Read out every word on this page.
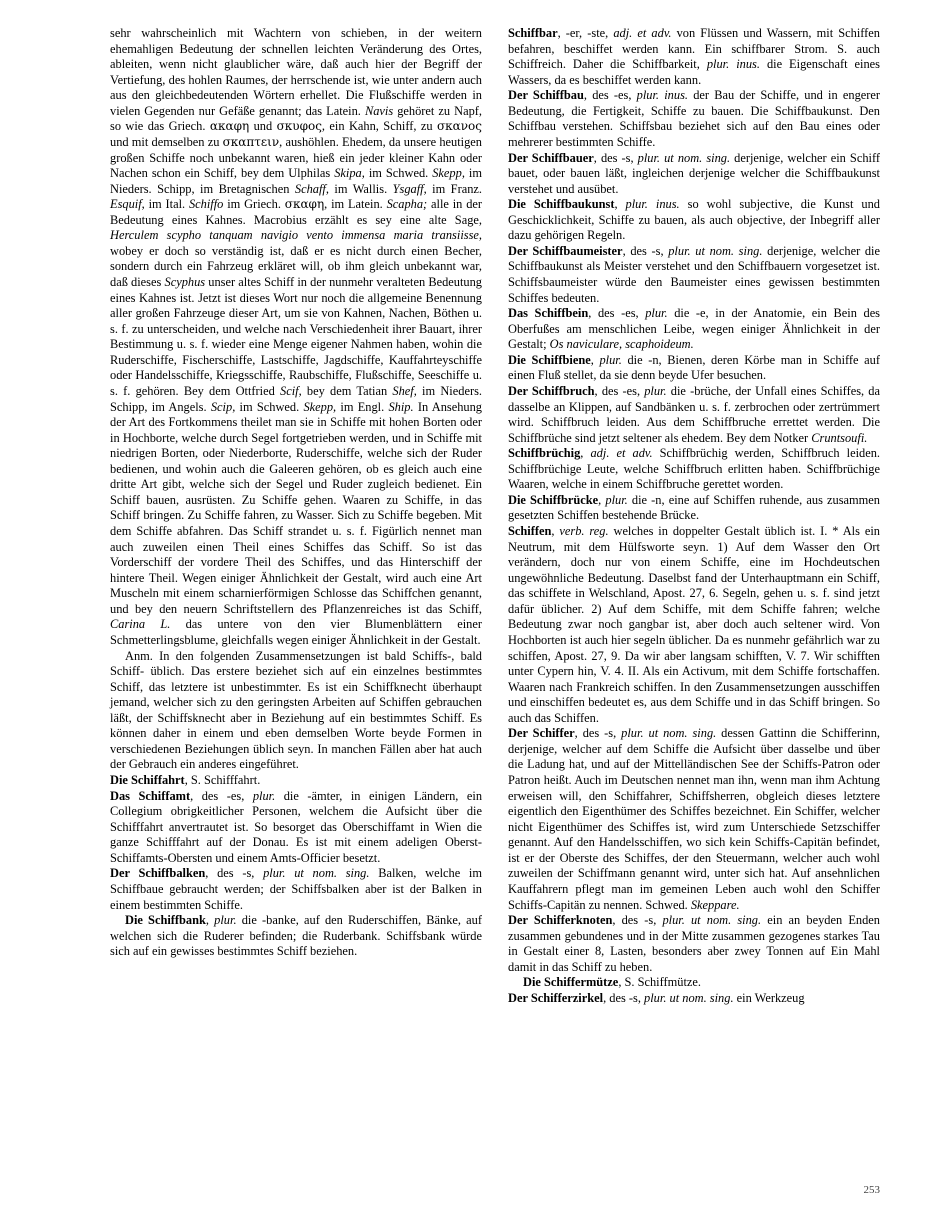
sehr wahrscheinlich mit Wachtern von schieben, in der weitern ehemahligen Bedeutung der schnellen leichten Veränderung des Ortes, ableiten, wenn nicht glaublicher wäre, daß auch hier der Begriff der Vertiefung, des hohlen Raumes, der herrschende ist, wie unter andern auch aus den gleichbedeutenden Wörtern erhellet. Die Flußschiffe werden in vielen Gegenden nur Gefäße genannt; das Latein. Navis gehöret zu Napf, so wie das Griech. ακαφη und σκυφος, ein Kahn, Schiff, zu σκανος und mit demselben zu σκαπτειν, aushöhlen. Ehedem, da unsere heutigen großen Schiffe noch unbekannt waren, hieß ein jeder kleiner Kahn oder Nachen schon ein Schiff, bey dem Ulphilas Skipa, im Schwed. Skepp, im Nieders. Schipp, im Bretagnischen Schaff, im Wallis. Ysgaff, im Franz. Esquif, im Ital. Schiffo im Griech. σκαφη, im Latein. Scapha; alle in der Bedeutung eines Kahnes. Macrobius erzählt es sey eine alte Sage, Herculem scypho tanquam navigio vento immensa maria transiisse, wobey er doch so verständig ist, daß er es nicht durch einen Becher, sondern durch ein Fahrzeug erkläret will, ob ihm gleich unbekannt war, daß dieses Scyphus unser altes Schiff in der nunmehr veralteten Bedeutung eines Kahnes ist. Jetzt ist dieses Wort nur noch die allgemeine Benennung aller großen Fahrzeuge dieser Art, um sie von Kahnen, Nachen, Böthen u. s. f. zu unterscheiden, und welche nach Verschiedenheit ihrer Bauart, ihrer Bestimmung u. s. f. wieder eine Menge eigener Nahmen haben, wohin die Ruderschiffe, Fischerschiffe, Lastschiffe, Jagdschiffe, Kauffahrteyschiffe oder Handelsschiffe, Kriegsschiffe, Raubschiffe, Flußschiffe, Seeschiffe u. s. f. gehören. Bey dem Ottfried Scif, bey dem Tatian Shef, im Nieders. Schipp, im Angels. Scip, im Schwed. Skepp, im Engl. Ship. In Ansehung der Art des Fortkommens theilet man sie in Schiffe mit hohen Borten oder in Hochborte, welche durch Segel fortgetrieben werden, und in Schiffe mit niedrigen Borten, oder Niederborte, Ruderschiffe, welche sich der Ruder bedienen, und wohin auch die Galeeren gehören, ob es gleich auch eine dritte Art gibt, welche sich der Segel und Ruder zugleich bedienet. Ein Schiff bauen, ausrüsten. Zu Schiffe gehen. Waaren zu Schiffe, in das Schiff bringen. Zu Schiffe fahren, zu Wasser. Sich zu Schiffe begeben. Mit dem Schiffe abfahren. Das Schiff strandet u. s. f. Figürlich nennet man auch zuweilen einen Theil eines Schiffes das Schiff. So ist das Vorderschiff der vordere Theil des Schiffes, und das Hinterschiff der hintere Theil. Wegen einiger Ähnlichkeit der Gestalt, wird auch eine Art Muscheln mit einem scharnierförmigen Schlosse das Schiffchen genannt, und bey den neuern Schriftstellern des Pflanzenreiches ist das Schiff, Carina L. das untere von den vier Blumenblättern einer Schmetterlingsblume, gleichfalls wegen einiger Ähnlichkeit in der Gestalt.

Anm. In den folgenden Zusammensetzungen ist bald Schiffs-, bald Schiff- üblich. Das erstere beziehet sich auf ein einzelnes bestimmtes Schiff, das letztere ist unbestimmter. Es ist ein Schiffknecht überhaupt jemand, welcher sich zu den geringsten Arbeiten auf Schiffen gebrauchen läßt, der Schiffsknecht aber in Beziehung auf ein bestimmtes Schiff. Es können daher in einem und eben demselben Worte beyde Formen in verschiedenen Beziehungen üblich seyn. In manchen Fällen aber hat auch der Gebrauch ein anderes eingeführet.

Die Schiffahrt, S. Schifffahrt.

Das Schiffamt, des -es, plur. die -ämter, in einigen Ländern, ein Collegium obrigkeitlicher Personen, welchem die Aufsicht über die Schifffahrt anvertrautet ist. So besorget das Oberschiffamt in Wien die ganze Schifffahrt auf der Donau. Es ist mit einem adeligen Oberst-Schiffamts-Obersten und einem Amts-Officier besetzt.

Der Schiffbalken, des -s, plur. ut nom. sing. Balken, welche im Schiffbaue gebraucht werden; der Schiffsbalken aber ist der Balken in einem bestimmten Schiffe.

Die Schiffbank, plur. die -banke, auf den Ruderschiffen, Bänke, auf welchen sich die Ruderer befinden; die Ruderbank. Schiffsbank würde sich auf ein gewisses bestimmtes Schiff beziehen.

Schiffbar, -er, -ste, adj. et adv. von Flüssen und Wassern, mit Schiffen befahren, beschiffet werden kann. Ein schiffbarer Strom. S. auch Schiffreich. Daher die Schiffbarkeit, plur. inus. die Eigenschaft eines Wassers, da es beschiffet werden kann.

Der Schiffbau, des -es, plur. inus. der Bau der Schiffe, und in engerer Bedeutung, die Fertigkeit, Schiffe zu bauen. Die Schiffbaukunst. Den Schiffbau verstehen. Schiffsbau beziehet sich auf den Bau eines oder mehrerer bestimmten Schiffe.

Der Schiffbauer, des -s, plur. ut nom. sing. derjenige, welcher ein Schiff bauet, oder bauen läßt, ingleichen derjenige welcher die Schiffbaukunst verstehet und ausübet.

Die Schiffbaukunst, plur. inus. so wohl subjective, die Kunst und Geschicklichkeit, Schiffe zu bauen, als auch objective, der Inbegriff aller dazu gehörigen Regeln.

Der Schiffbaumeister, des -s, plur. ut nom. sing. derjenige, welcher die Schiffbaukunst als Meister verstehet und den Schiffbauern vorgesetzet ist. Schiffsbaumeister würde den Baumeister eines gewissen bestimmten Schiffes bedeuten.

Das Schiffbein, des -es, plur. die -e, in der Anatomie, ein Bein des Oberfußes am menschlichen Leibe, wegen einiger Ähnlichkeit in der Gestalt; Os naviculare, scaphoideum.

Die Schiffbiene, plur. die -n, Bienen, deren Körbe man in Schiffe auf einen Fluß stellet, da sie denn beyde Ufer besuchen.

Der Schiffbruch, des -es, plur. die -brüche, der Unfall eines Schiffes, da dasselbe an Klippen, auf Sandbänken u. s. f. zerbrochen oder zertrümmert wird. Schiffbruch leiden. Aus dem Schiffbruche errettet werden. Die Schiffbrüche sind jetzt seltener als ehedem. Bey dem Notker Cruntsoufi.

Schiffbrüchig, adj. et adv. Schiffbrüchig werden, Schiffbruch leiden. Schiffbrüchige Leute, welche Schiffbruch erlitten haben. Schiffbrüchige Waaren, welche in einem Schiffbruche gerettet worden.

Die Schiffbrücke, plur. die -n, eine auf Schiffen ruhende, aus zusammen gesetzten Schiffen bestehende Brücke.

Schiffen, verb. reg. welches in doppelter Gestalt üblich ist. I. * Als ein Neutrum, mit dem Hülfsworte seyn. 1) Auf dem Wasser den Ort verändern, doch nur von einem Schiffe, eine im Hochdeutschen ungewöhnliche Bedeutung. Daselbst fand der Unterhauptmann ein Schiff, das schiffete in Welschland, Apost. 27, 6. Segeln, gehen u. s. f. sind jetzt dafür üblicher. 2) Auf dem Schiffe, mit dem Schiffe fahren; welche Bedeutung zwar noch gangbar ist, aber doch auch seltener wird. Von Hochborten ist auch hier segeln üblicher. Da es nunmehr gefährlich war zu schiffen, Apost. 27, 9. Da wir aber langsam schifften, V. 7. Wir schifften unter Cypern hin, V. 4. II. Als ein Activum, mit dem Schiffe fortschaffen. Waaren nach Frankreich schiffen. In den Zusammensetzungen ausschiffen und einschiffen bedeutet es, aus dem Schiffe und in das Schiff bringen. So auch das Schiffen.

Der Schiffer, des -s, plur. ut nom. sing. dessen Gattinn die Schifferinn, derjenige, welcher auf dem Schiffe die Aufsicht über dasselbe und über die Ladung hat, und auf der Mittelländischen See der Schiffs-Patron oder Patron heißt. Auch im Deutschen nennet man ihn, wenn man ihm Achtung erweisen will, den Schiffahrer, Schiffsherren, obgleich dieses letztere eigentlich den Eigenthümer des Schiffes bezeichnet. Ein Schiffer, welcher nicht Eigenthümer des Schiffes ist, wird zum Unterschiede Setzschiffer genannt. Auf den Handelsschiffen, wo sich kein Schiffs-Capitän befindet, ist er der Oberste des Schiffes, der den Steuermann, welcher auch wohl zuweilen der Schiffmann genannt wird, unter sich hat. Auf ansehnlichen Kauffahrern pflegt man im gemeinen Leben auch wohl den Schiffer Schiffs-Capitän zu nennen. Schwed. Skeppare.

Der Schifferknoten, des -s, plur. ut nom. sing. ein an beyden Enden zusammen gebundenes und in der Mitte zusammen gezogenes starkes Tau in Gestalt einer 8, Lasten, besonders aber zwey Tonnen auf Ein Mahl damit in das Schiff zu heben.

Die Schiffermütze, S. Schiffmütze.

Der Schifferzirkel, des -s, plur. ut nom. sing. ein Werkzeug

253
